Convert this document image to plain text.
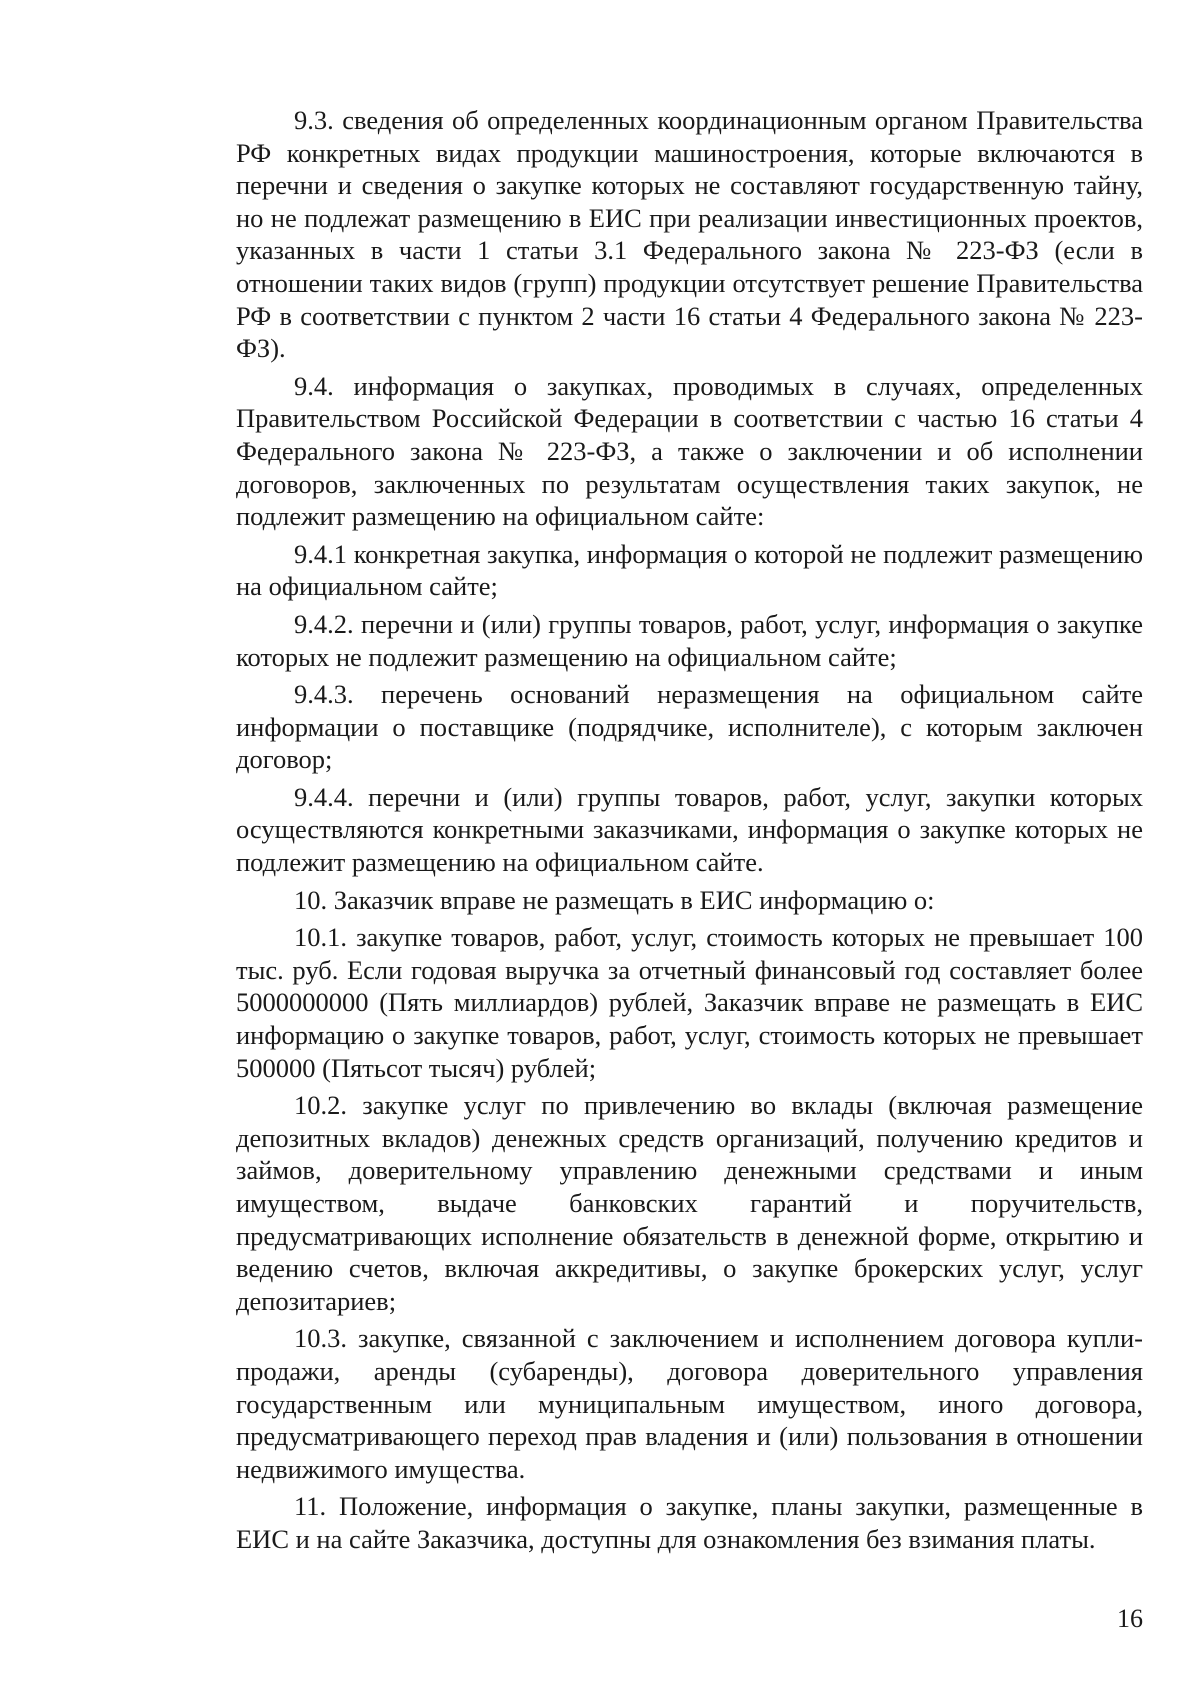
9.3. сведения об определенных координационным органом Правительства РФ конкретных видах продукции машиностроения, которые включаются в перечни и сведения о закупке которых не составляют государственную тайну, но не подлежат размещению в ЕИС при реализации инвестиционных проектов, указанных в части 1 статьи 3.1 Федерального закона № 223-ФЗ (если в отношении таких видов (групп) продукции отсутствует решение Правительства РФ в соответствии с пунктом 2 части 16 статьи 4 Федерального закона № 223-ФЗ).

9.4. информация о закупках, проводимых в случаях, определенных Правительством Российской Федерации в соответствии с частью 16 статьи 4 Федерального закона № 223-ФЗ, а также о заключении и об исполнении договоров, заключенных по результатам осуществления таких закупок, не подлежит размещению на официальном сайте:

9.4.1 конкретная закупка, информация о которой не подлежит размещению на официальном сайте;

9.4.2. перечни и (или) группы товаров, работ, услуг, информация о закупке которых не подлежит размещению на официальном сайте;

9.4.3. перечень оснований неразмещения на официальном сайте информации о поставщике (подрядчике, исполнителе), с которым заключен договор;

9.4.4. перечни и (или) группы товаров, работ, услуг, закупки которых осуществляются конкретными заказчиками, информация о закупке которых не подлежит размещению на официальном сайте.

10. Заказчик вправе не размещать в ЕИС информацию о:

10.1. закупке товаров, работ, услуг, стоимость которых не превышает 100 тыс. руб. Если годовая выручка за отчетный финансовый год составляет более 5000000000 (Пять миллиардов) рублей, Заказчик вправе не размещать в ЕИС информацию о закупке товаров, работ, услуг, стоимость которых не превышает 500000 (Пятьсот тысяч) рублей;

10.2. закупке услуг по привлечению во вклады (включая размещение депозитных вкладов) денежных средств организаций, получению кредитов и займов, доверительному управлению денежными средствами и иным имуществом, выдаче банковских гарантий и поручительств, предусматривающих исполнение обязательств в денежной форме, открытию и ведению счетов, включая аккредитивы, о закупке брокерских услуг, услуг депозитариев;

10.3. закупке, связанной с заключением и исполнением договора купли-продажи, аренды (субаренды), договора доверительного управления государственным или муниципальным имуществом, иного договора, предусматривающего переход прав владения и (или) пользования в отношении недвижимого имущества.

11. Положение, информация о закупке, планы закупки, размещенные в ЕИС и на сайте Заказчика, доступны для ознакомления без взимания платы.

16
